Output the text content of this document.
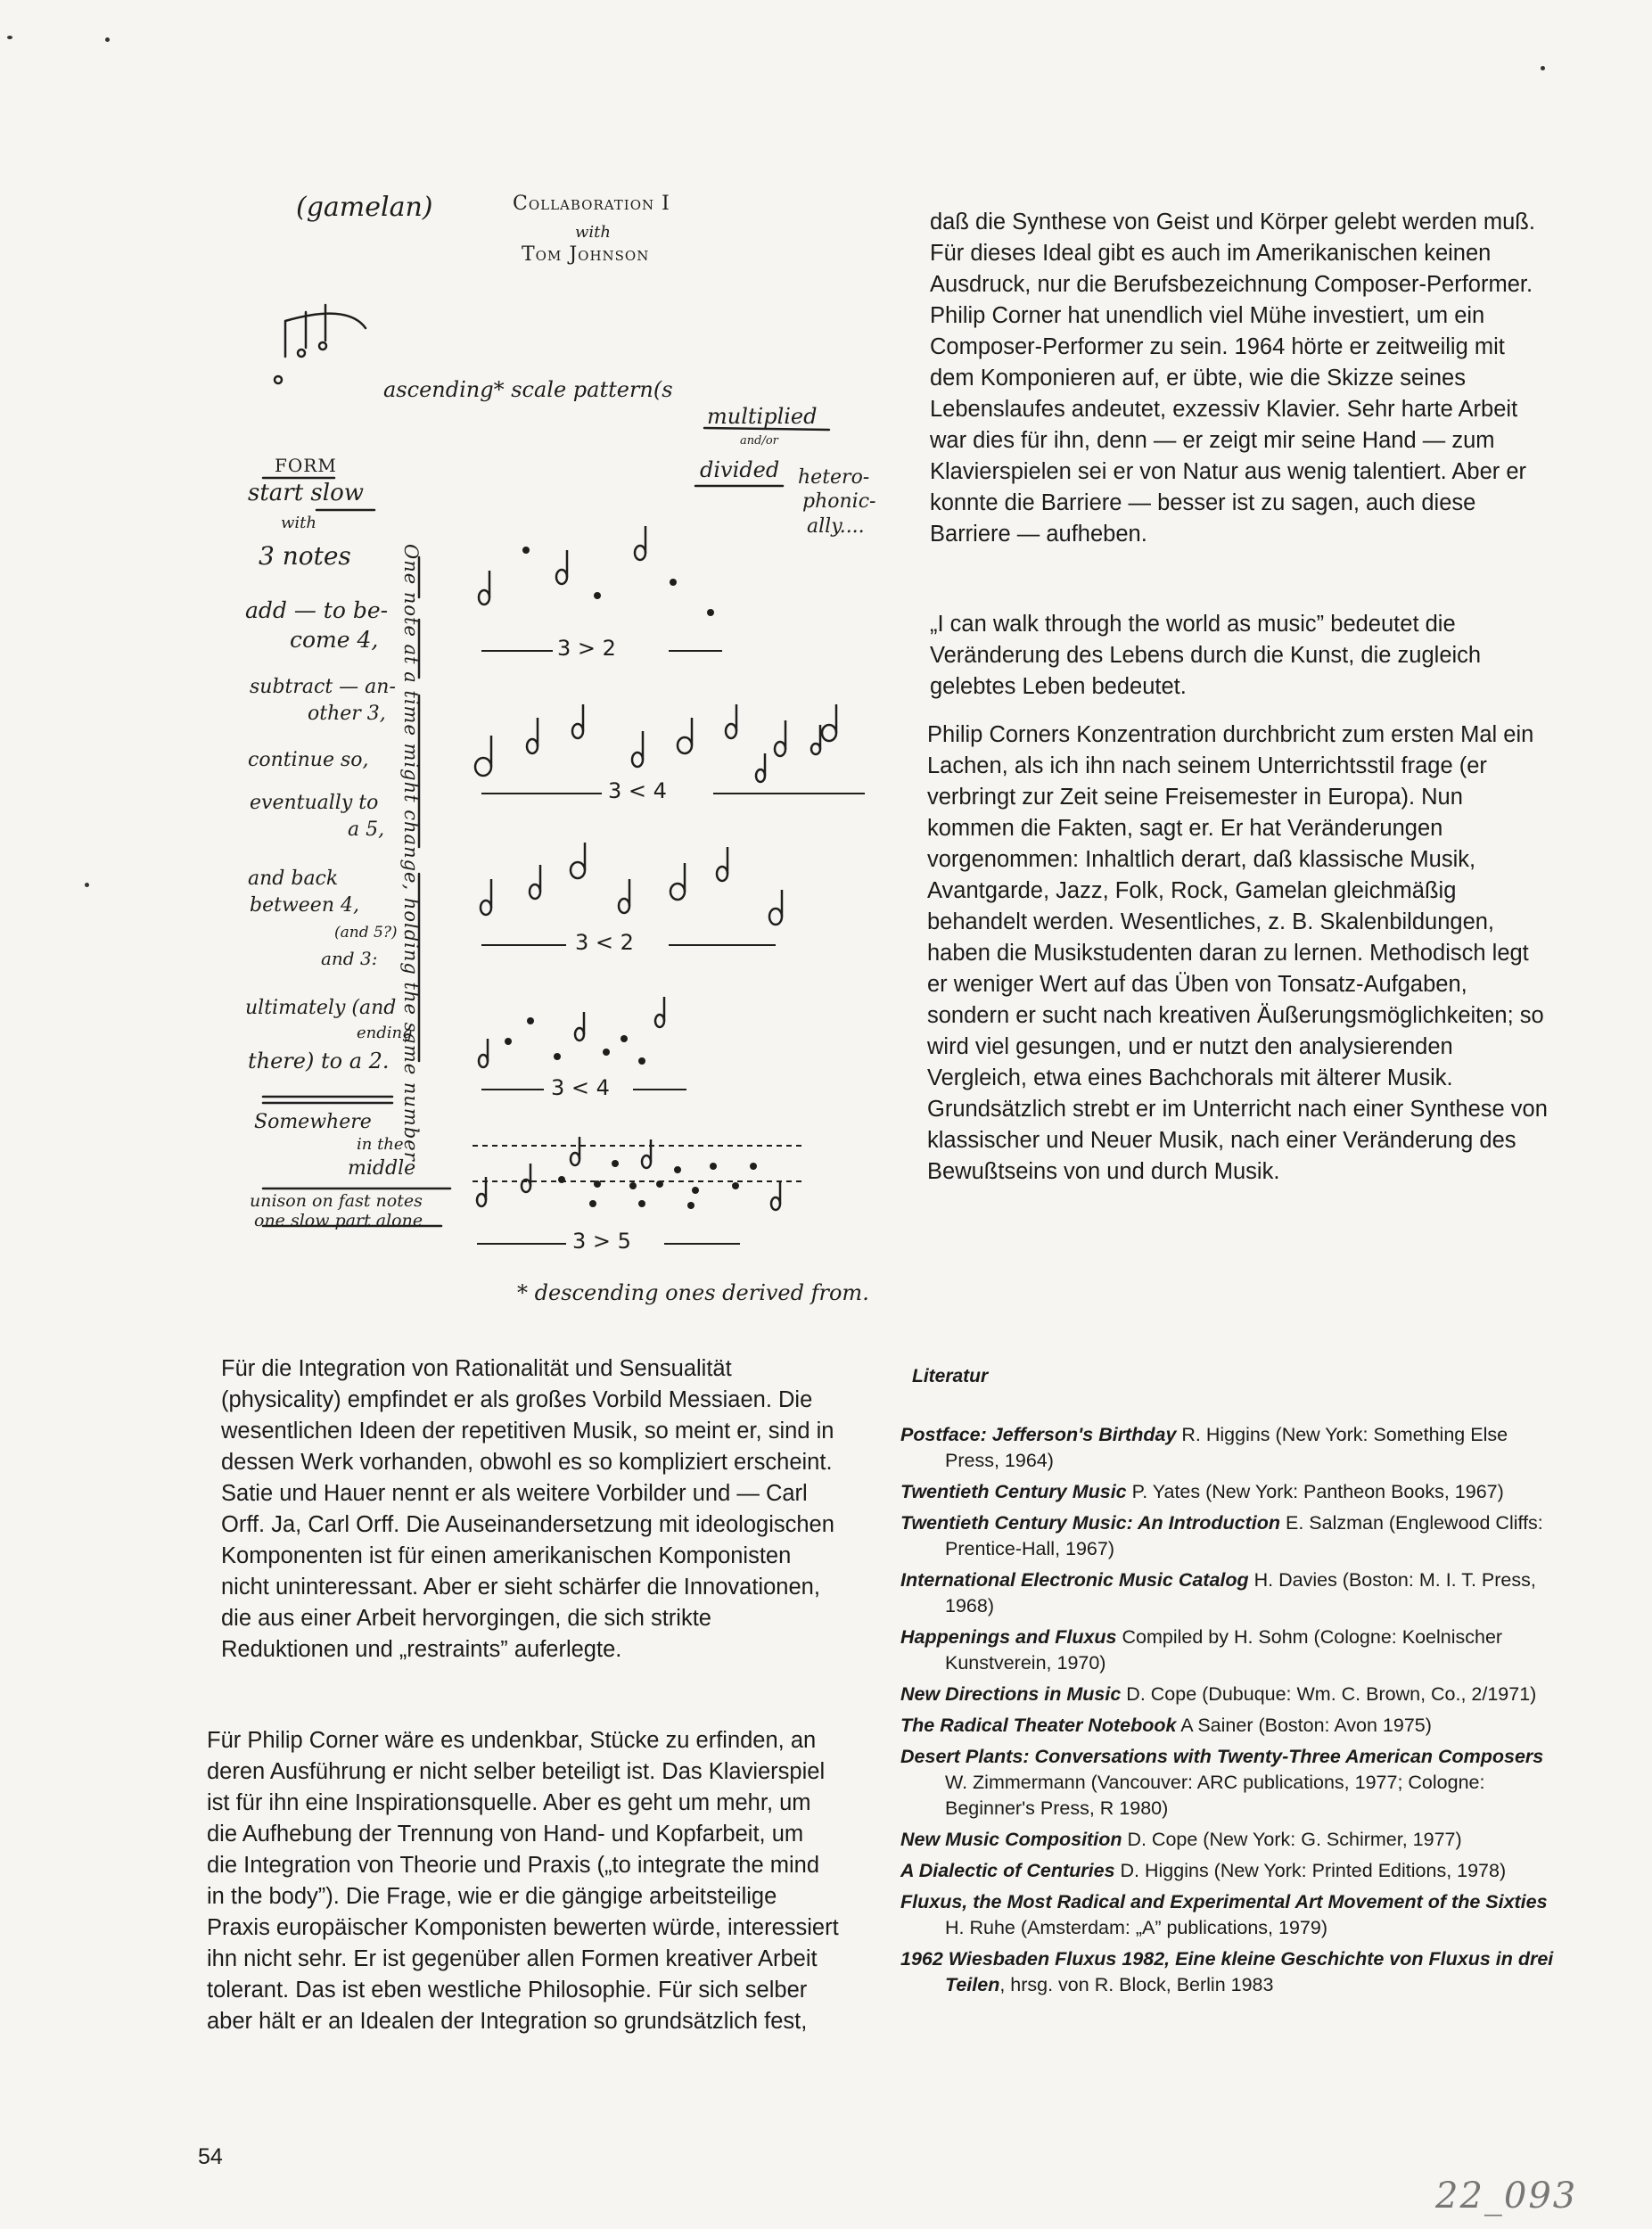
(gamelan)	Collaboration I

with

Tom Johnson

ascending* scale pattern(s

multiplied

and/or

divided hetero-

phonic-

ally....

FORM

start slow

with

3 notes

add — to be-

come 4,

subtract — an-

other 3,

continue so,

eventually to

a 5,

and back

between 4,

(and 5?)

and 3:

ultimately (and

ending

there) to a 2. One note at a time might change, holding the same number

Somewhere

in the

middle

unison on fast notes

one slow part alone

3 > 2

3 < 4

3 < 2

3 < 4

3 > 5

* descending ones derived from.

daß die Synthese von Geist und Körper gelebt werden muß. Für dieses Ideal gibt es auch im Amerikanischen keinen Ausdruck, nur die Berufsbezeichnung Composer-Performer. Philip Corner hat unendlich viel Mühe investiert, um ein Composer-Performer zu sein. 1964 hörte er zeitweilig mit dem Komponieren auf, er übte, wie die Skizze seines Lebenslaufes andeutet, exzessiv Klavier. Sehr harte Arbeit war dies für ihn, denn — er zeigt mir seine Hand — zum Klavierspielen sei er von Natur aus wenig talentiert. Aber er konnte die Barriere — besser ist zu sagen, auch diese Barriere — aufheben.

„I can walk through the world as music” bedeutet die Veränderung des Lebens durch die Kunst, die zugleich gelebtes Leben bedeutet.

Philip Corners Konzentration durchbricht zum ersten Mal ein Lachen, als ich ihn nach seinem Unterrichtsstil frage (er verbringt zur Zeit seine Freisemester in Europa). Nun kommen die Fakten, sagt er. Er hat Veränderungen vorgenommen: Inhaltlich derart, daß klassische Musik, Avantgarde, Jazz, Folk, Rock, Gamelan gleichmäßig behandelt werden. Wesentliches, z. B. Skalenbildungen, haben die Musikstudenten daran zu lernen. Methodisch legt er weniger Wert auf das Üben von Tonsatz-Aufgaben, sondern er sucht nach kreativen Äußerungsmöglichkeiten; so wird viel gesungen, und er nutzt den analysierenden Vergleich, etwa eines Bachchorals mit älterer Musik. Grundsätzlich strebt er im Unterricht nach einer Synthese von klassischer und Neuer Musik, nach einer Veränderung des Bewußtseins von und durch Musik.

Für die Integration von Rationalität und Sensualität (physicality) empfindet er als großes Vorbild Messiaen. Die wesentlichen Ideen der repetitiven Musik, so meint er, sind in dessen Werk vorhanden, obwohl es so kompliziert erscheint. Satie und Hauer nennt er als weitere Vorbilder und — Carl Orff. Ja, Carl Orff. Die Auseinandersetzung mit ideologischen Komponenten ist für einen amerikanischen Komponisten nicht uninteressant. Aber er sieht schärfer die Innovationen, die aus einer Arbeit hervorgingen, die sich strikte Reduktionen und „restraints” auferlegte.

Für Philip Corner wäre es undenkbar, Stücke zu erfinden, an deren Ausführung er nicht selber beteiligt ist. Das Klavierspiel ist für ihn eine Inspirationsquelle. Aber es geht um mehr, um die Aufhebung der Trennung von Hand- und Kopfarbeit, um die Integration von Theorie und Praxis („to integrate the mind in the body”). Die Frage, wie er die gängige arbeitsteilige Praxis europäischer Komponisten bewerten würde, interessiert ihn nicht sehr. Er ist gegenüber allen Formen kreativer Arbeit tolerant. Das ist eben westliche Philosophie. Für sich selber aber hält er an Idealen der Integration so grundsätzlich fest,

Literatur

Postface: Jefferson's Birthday R. Higgins (New York: Something Else Press, 1964)
Twentieth Century Music P. Yates (New York: Pantheon Books, 1967)
Twentieth Century Music: An Introduction E. Salzman (Englewood Cliffs: Prentice-Hall, 1967)
International Electronic Music Catalog H. Davies (Boston: M. I. T. Press, 1968)
Happenings and Fluxus Compiled by H. Sohm (Cologne: Koelnischer Kunstverein, 1970)
New Directions in Music D. Cope (Dubuque: Wm. C. Brown, Co., 2/1971)
The Radical Theater Notebook A Sainer (Boston: Avon 1975)
Desert Plants: Conversations with Twenty-Three American Composers W. Zimmermann (Vancouver: ARC publications, 1977; Cologne: Beginner's Press, R 1980)
New Music Composition D. Cope (New York: G. Schirmer, 1977)
A Dialectic of Centuries D. Higgins (New York: Printed Editions, 1978)
Fluxus, the Most Radical and Experimental Art Movement of the Sixties H. Ruhe (Amsterdam: „A” publications, 1979)
1962 Wiesbaden Fluxus 1982, Eine kleine Geschichte von Fluxus in drei Teilen, hrsg. von R. Block, Berlin 1983

54

22_093
